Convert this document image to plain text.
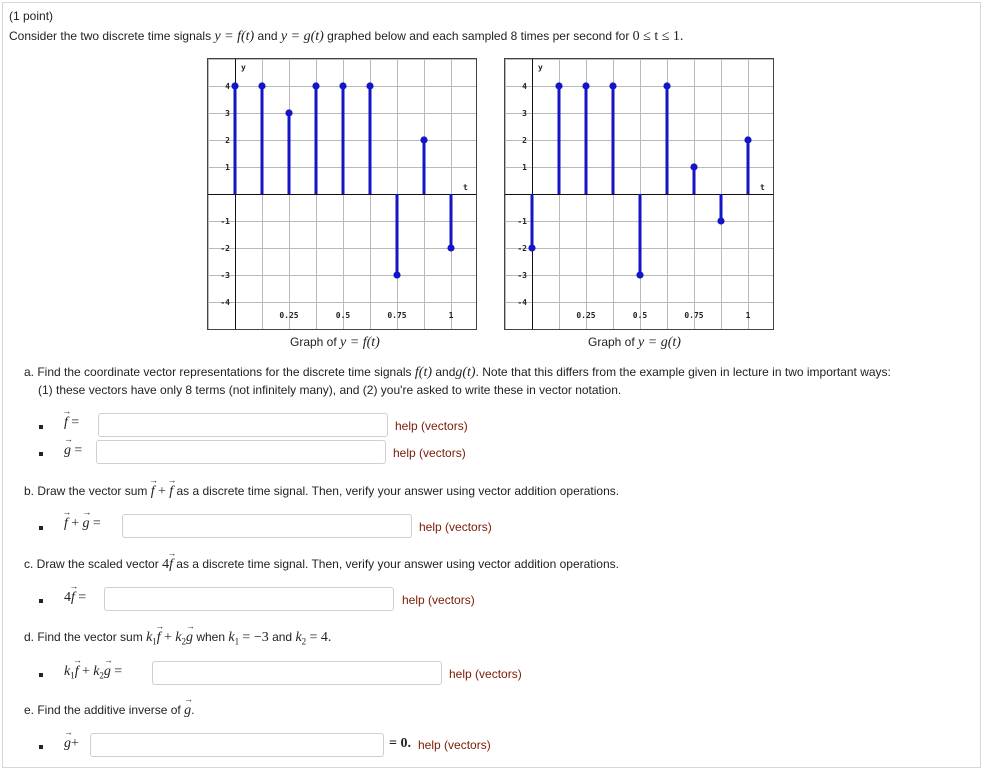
(1 point)
Consider the two discrete time signals y = f(t) and y = g(t) graphed below and each sampled 8 times per second for 0 ≤ t ≤ 1.
y
t
-4
-3
-2
-1
1
2
3
4
0.25	0.5	0.75	1
Graph of y = f(t)
y
t
-4
-3
-2
-1
1
2
3
4
0.25	0.5	0.75	1
Graph of y = g(t)
a. Find the coordinate vector representations for the discrete time signals f(t) andg(t). Note that this differs from the example given in lecture in two important ways:
(1) these vectors have only 8 terms (not infinitely many), and (2) you're asked to write these in vector notation.
→ f =	help (vectors)
→ g =	help (vectors)
b. Draw the vector sum → f + → f as a discrete time signal. Then, verify your answer using vector addition operations.
→ f + → g =	help (vectors)
c. Draw the scaled vector 4→ f as a discrete time signal. Then, verify your answer using vector addition operations.
4→ f =	help (vectors)
d. Find the vector sum $k_1\to f + k_2\to g$ when $k_1 = -3$ and $k_2 = 4$.
$k_1\to f + k_2\to g$ =	help (vectors)
e. Find the additive inverse of → g.
→ g+	= 0. help (vectors)
